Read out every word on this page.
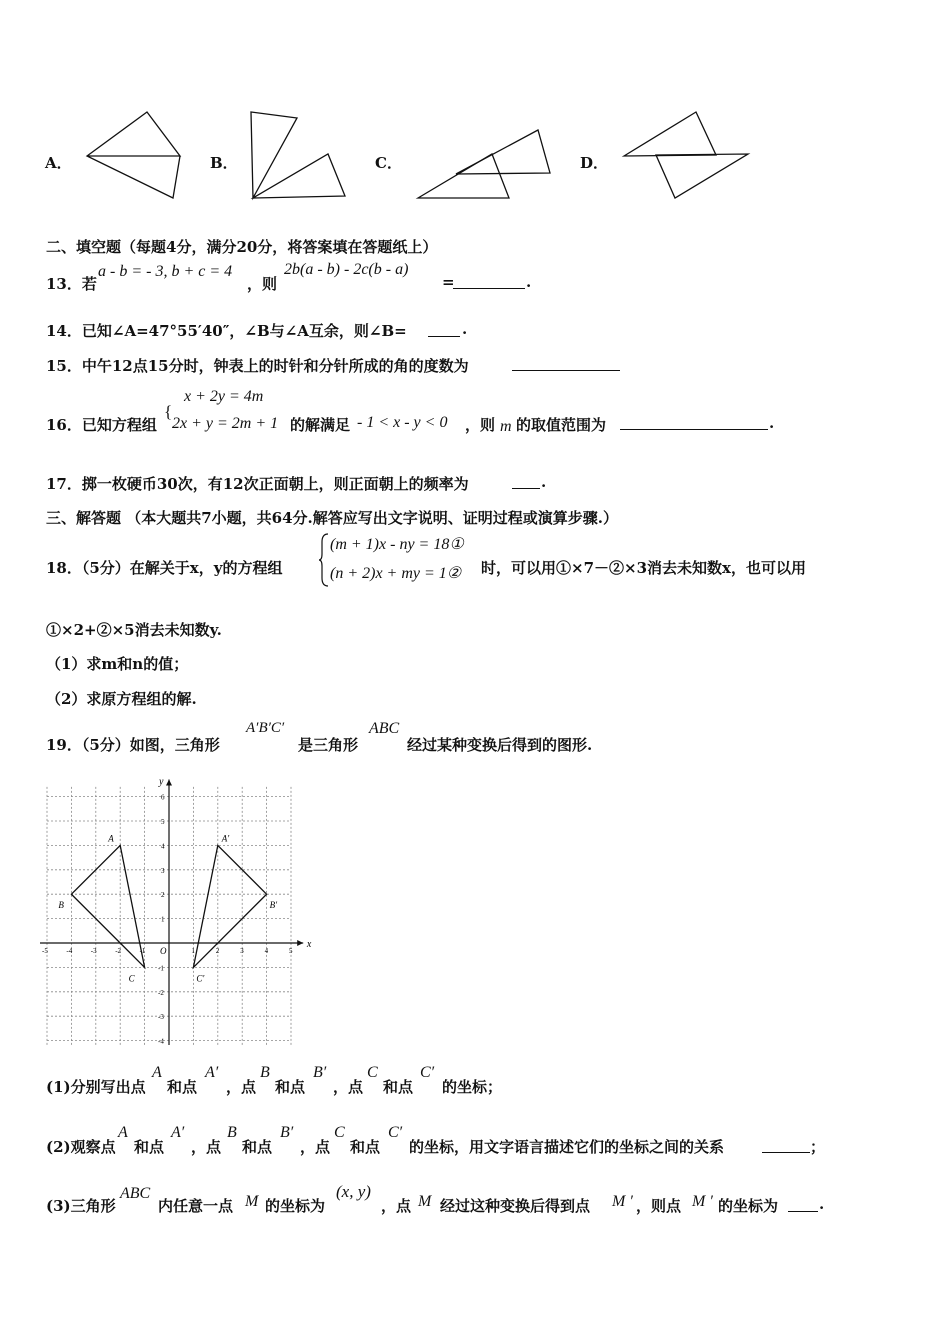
A．	B．	C．	D．
二、填空题（每题4分，满分20分，将答案填在答题纸上）
13．若
a - b = - 3, b + c = 4
，则
2b(a - b) - 2c(b - a)
=	.
14．已知∠A=47°55′40″，∠B与∠A互余，则∠B=	.
15．中午12点15分时，钟表上的时针和分针所成的角的度数为
16．已知方程组
{
x + 2y = 4m
2x + y = 2m + 1 的解满足 - 1 < x - y < 0 ，则 m 的取值范围为	.
17．掷一枚硬币30次，有12次正面朝上，则正面朝上的频率为	.
三、解答题 （本大题共7小题，共64分.解答应写出文字说明、证明过程或演算步骤.）
18．（5分）在解关于x，y的方程组
(m + 1)x - ny = 18①
(n + 2)x + my = 1② 时，可以用①×7－②×3消去未知数x，也可以用
①×2+②×5消去未知数y.
（1）求m和n的值；
（2）求原方程组的解.
19．（5分）如图，三角形
A′B′C′
是三角形
ABC
经过某种变换后得到的图形.
x
y
O
-5	-4	-3	-2	-1	1	2	3	4	5
6
5
4
3
2
1
-1
-2
-3
-4
A
B
C
A'
B'
C'
(1)分别写出点
A
和点
A′
，点
B
和点
B′
，点
C
和点
C′
的坐标；
(2)观察点
A
和点
A′
，点
B
和点
B′
，点
C
和点
C′
的坐标，用文字语言描述它们的坐标之间的关系	；
(3)三角形
ABC
内任意一点 M 的坐标为
(x, y)
，点 M 经过这种变换后得到点 M ′ ，则点 M ′ 的坐标为	.
